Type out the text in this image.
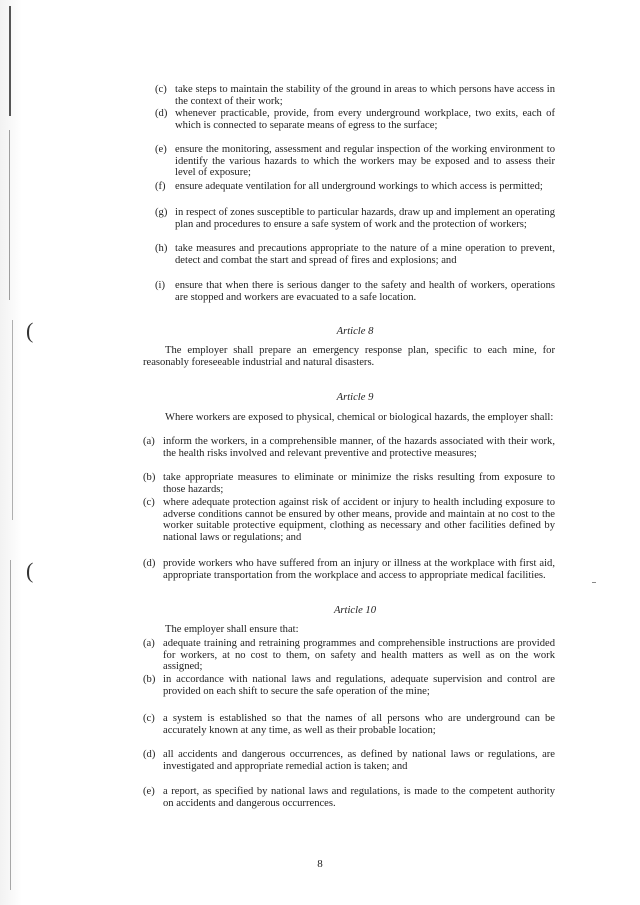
(
(
(c) take steps to maintain the stability of the ground in areas to which persons have access in the context of their work;
(d) whenever practicable, provide, from every underground workplace, two exits, each of which is connected to separate means of egress to the surface;
(e) ensure the monitoring, assessment and regular inspection of the working environment to identify the various hazards to which the workers may be exposed and to assess their level of exposure;
(f) ensure adequate ventilation for all underground workings to which access is permitted;
(g) in respect of zones susceptible to particular hazards, draw up and implement an operating plan and procedures to ensure a safe system of work and the protection of workers;
(h) take measures and precautions appropriate to the nature of a mine operation to prevent, detect and combat the start and spread of fires and explosions; and
(i) ensure that when there is serious danger to the safety and health of workers, operations are stopped and workers are evacuated to a safe location.
Article 8
The employer shall prepare an emergency response plan, specific to each mine, for reasonably foreseeable industrial and natural disasters.
Article 9
Where workers are exposed to physical, chemical or biological hazards, the employer shall:
(a) inform the workers, in a comprehensible manner, of the hazards associated with their work, the health risks involved and relevant preventive and protective measures;
(b) take appropriate measures to eliminate or minimize the risks resulting from exposure to those hazards;
(c) where adequate protection against risk of accident or injury to health including exposure to adverse conditions cannot be ensured by other means, provide and maintain at no cost to the worker suitable protective equipment, clothing as necessary and other facilities defined by national laws or regulations; and
(d) provide workers who have suffered from an injury or illness at the workplace with first aid, appropriate transportation from the workplace and access to appropriate medical facilities.
Article 10
The employer shall ensure that:
(a) adequate training and retraining programmes and comprehensible instructions are provided for workers, at no cost to them, on safety and health matters as well as on the work assigned;
(b) in accordance with national laws and regulations, adequate supervision and control are provided on each shift to secure the safe operation of the mine;
(c) a system is established so that the names of all persons who are underground can be accurately known at any time, as well as their probable location;
(d) all accidents and dangerous occurrences, as defined by national laws or regulations, are investigated and appropriate remedial action is taken; and
(e) a report, as specified by national laws and regulations, is made to the competent authority on accidents and dangerous occurrences.
8
